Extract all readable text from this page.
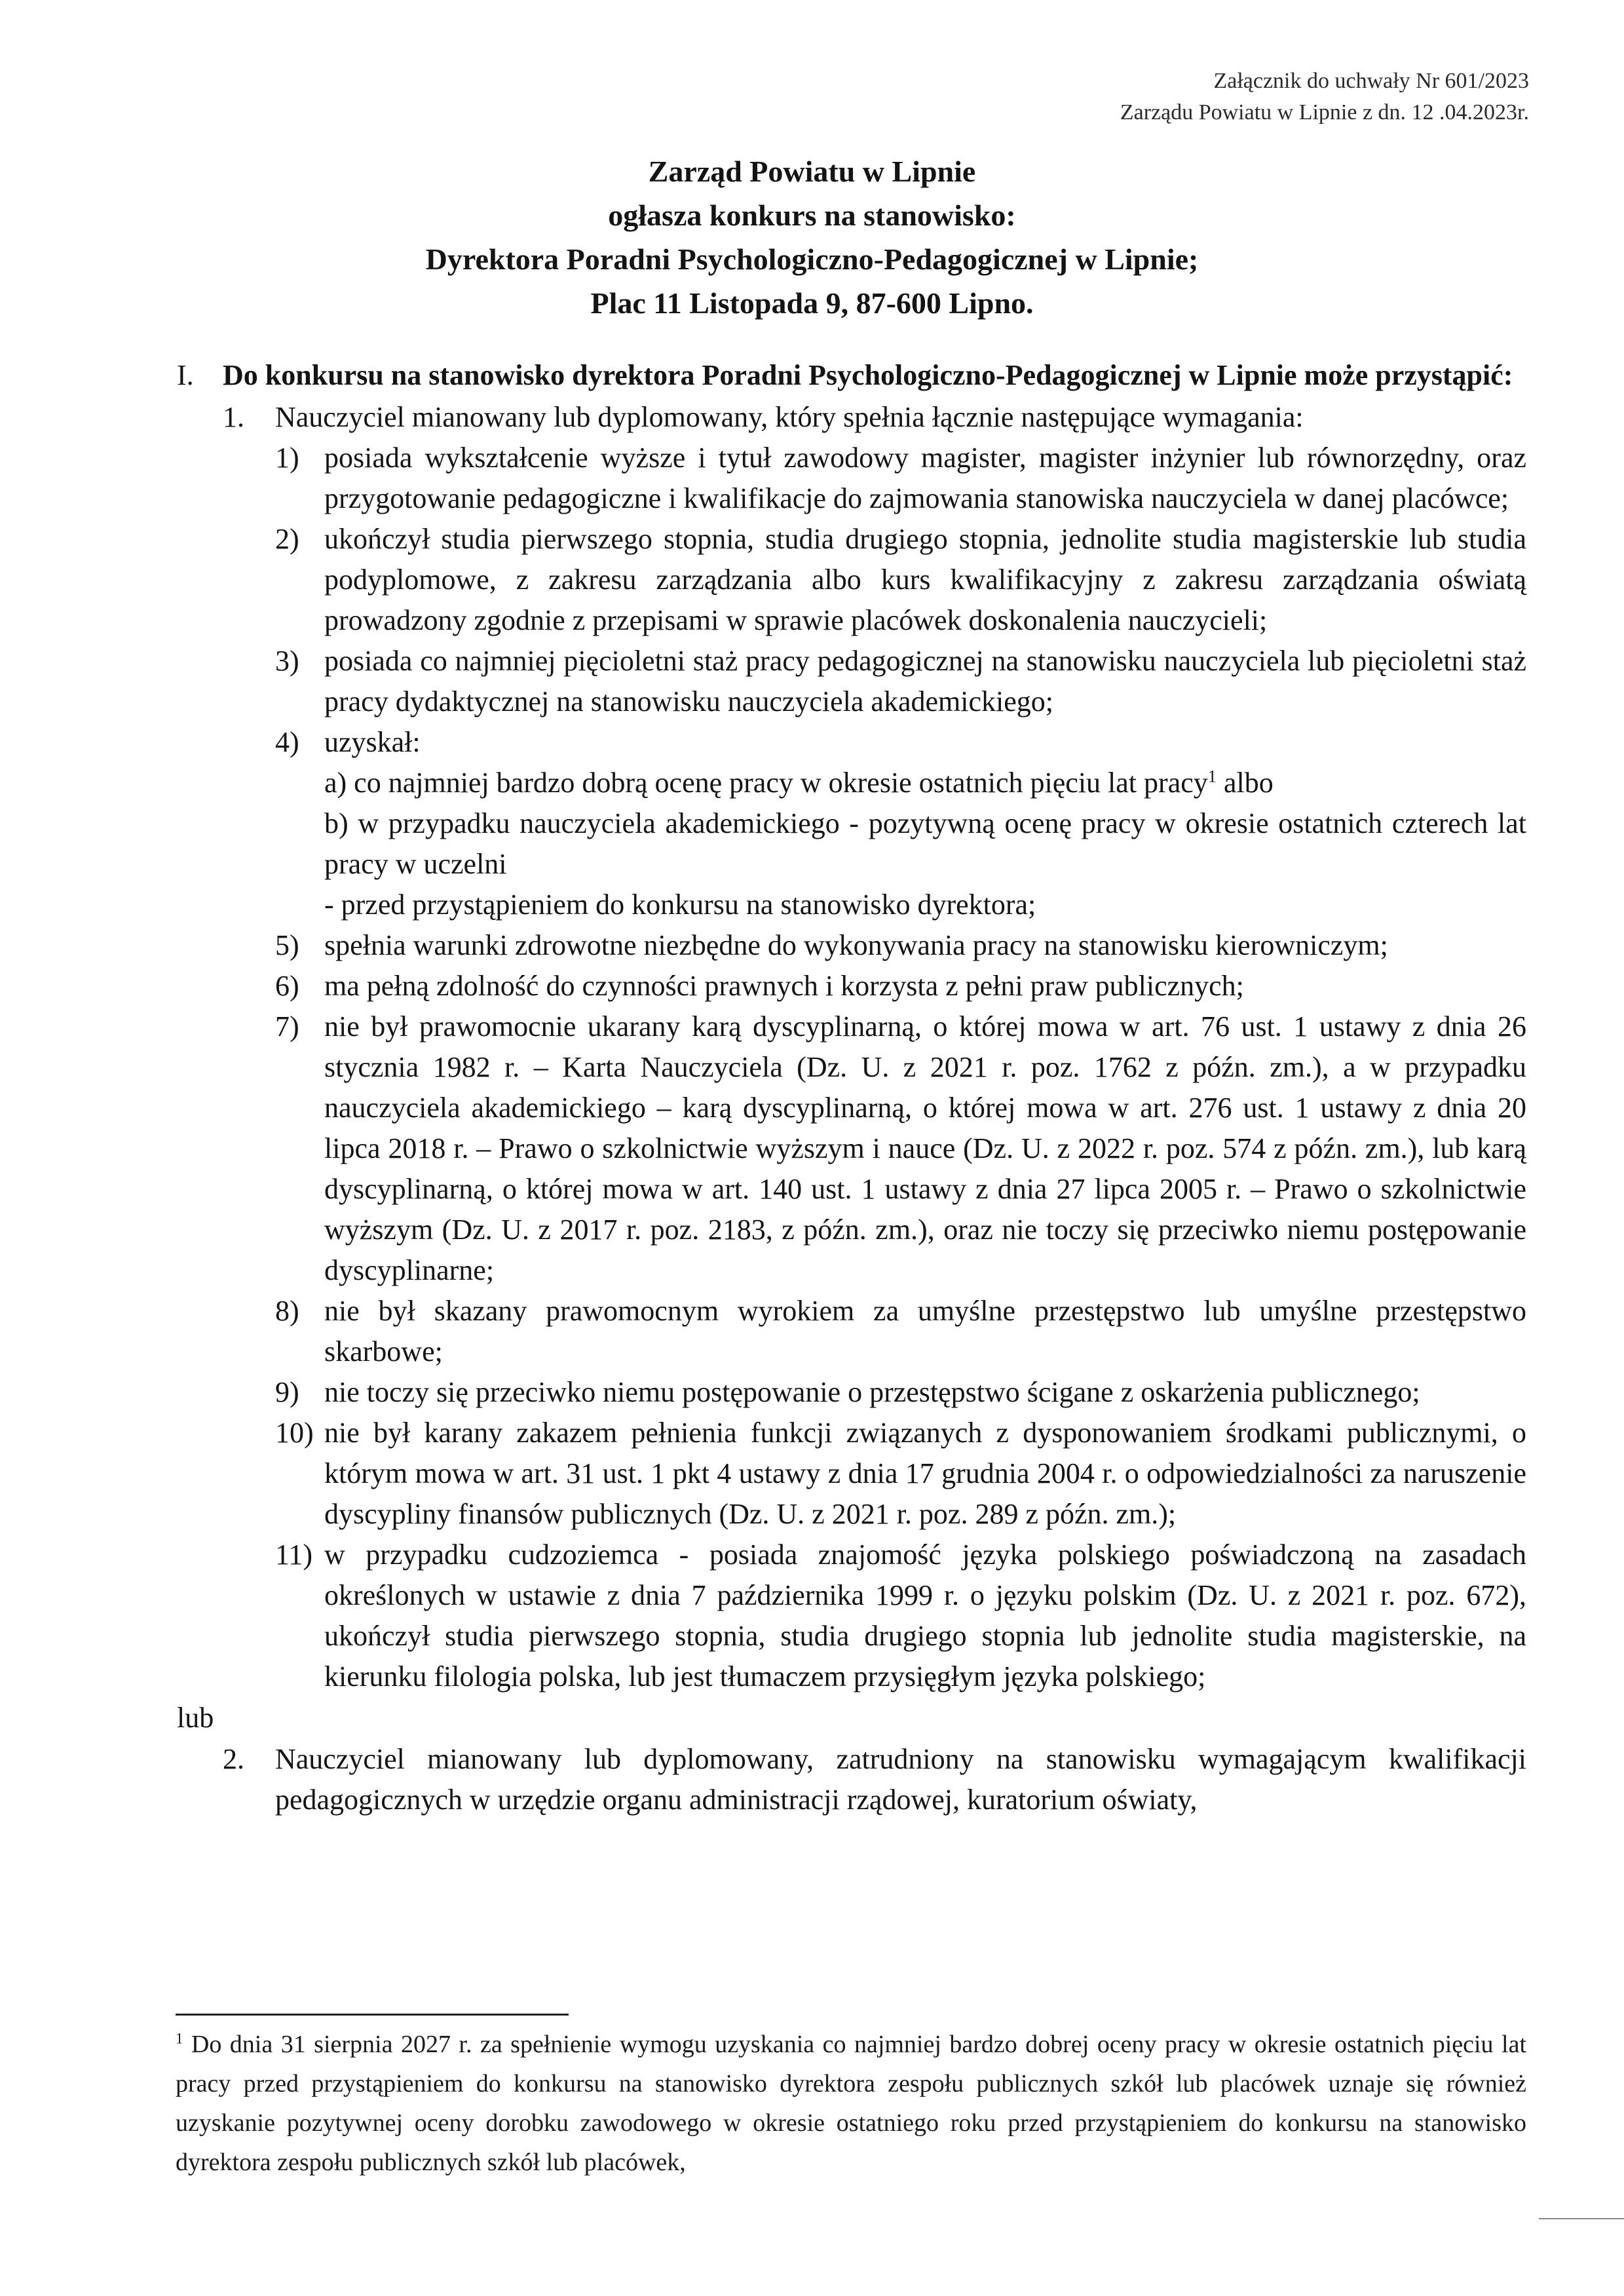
Załącznik do uchwały Nr 601/2023
Zarządu Powiatu w Lipnie z dn. 12 .04.2023r.
Zarząd Powiatu w Lipnie
ogłasza konkurs na stanowisko:
Dyrektora Poradni Psychologiczno-Pedagogicznej w Lipnie;
Plac 11 Listopada 9, 87-600 Lipno.
I.	Do konkursu na stanowisko dyrektora Poradni Psychologiczno-Pedagogicznej w Lipnie może przystąpić:
1.	Nauczyciel mianowany lub dyplomowany, który spełnia łącznie następujące wymagania:
1) posiada wykształcenie wyższe i tytuł zawodowy magister, magister inżynier lub równorzędny, oraz przygotowanie pedagogiczne i kwalifikacje do zajmowania stanowiska nauczyciela w danej placówce;
2) ukończył studia pierwszego stopnia, studia drugiego stopnia, jednolite studia magisterskie lub studia podyplomowe, z zakresu zarządzania albo kurs kwalifikacyjny z zakresu zarządzania oświatą prowadzony zgodnie z przepisami w sprawie placówek doskonalenia nauczycieli;
3) posiada co najmniej pięcioletni staż pracy pedagogicznej na stanowisku nauczyciela lub pięcioletni staż pracy dydaktycznej na stanowisku nauczyciela akademickiego;
4) uzyskał:
a) co najmniej bardzo dobrą ocenę pracy w okresie ostatnich pięciu lat pracy$^1$ albo
b) w przypadku nauczyciela akademickiego - pozytywną ocenę pracy w okresie ostatnich czterech lat pracy w uczelni
- przed przystąpieniem do konkursu na stanowisko dyrektora;
5) spełnia warunki zdrowotne niezbędne do wykonywania pracy na stanowisku kierowniczym;
6) ma pełną zdolność do czynności prawnych i korzysta z pełni praw publicznych;
7) nie był prawomocnie ukarany karą dyscyplinarną, o której mowa w art. 76 ust. 1 ustawy z dnia 26 stycznia 1982 r. – Karta Nauczyciela (Dz. U. z 2021 r. poz. 1762 z późn. zm.), a w przypadku nauczyciela akademickiego – karą dyscyplinarną, o której mowa w art. 276 ust. 1 ustawy z dnia 20 lipca 2018 r. – Prawo o szkolnictwie wyższym i nauce (Dz. U. z 2022 r. poz. 574 z późn. zm.), lub karą dyscyplinarną, o której mowa w art. 140 ust. 1 ustawy z dnia 27 lipca 2005 r. – Prawo o szkolnictwie wyższym (Dz. U. z 2017 r. poz. 2183, z późn. zm.), oraz nie toczy się przeciwko niemu postępowanie dyscyplinarne;
8) nie był skazany prawomocnym wyrokiem za umyślne przestępstwo lub umyślne przestępstwo skarbowe;
9) nie toczy się przeciwko niemu postępowanie o przestępstwo ścigane z oskarżenia publicznego;
10) nie był karany zakazem pełnienia funkcji związanych z dysponowaniem środkami publicznymi, o którym mowa w art. 31 ust. 1 pkt 4 ustawy z dnia 17 grudnia 2004 r. o odpowiedzialności za naruszenie dyscypliny finansów publicznych (Dz. U. z 2021 r. poz. 289 z późn. zm.);
11) w przypadku cudzoziemca - posiada znajomość języka polskiego poświadczoną na zasadach określonych w ustawie z dnia 7 października 1999 r. o języku polskim (Dz. U. z 2021 r. poz. 672), ukończył studia pierwszego stopnia, studia drugiego stopnia lub jednolite studia magisterskie, na kierunku filologia polska, lub jest tłumaczem przysięgłym języka polskiego;
lub
2.	Nauczyciel mianowany lub dyplomowany, zatrudniony na stanowisku wymagającym kwalifikacji pedagogicznych w urzędzie organu administracji rządowej, kuratorium oświaty,
$^1$ Do dnia 31 sierpnia 2027 r. za spełnienie wymogu uzyskania co najmniej bardzo dobrej oceny pracy w okresie ostatnich pięciu lat pracy przed przystąpieniem do konkursu na stanowisko dyrektora zespołu publicznych szkół lub placówek uznaje się również uzyskanie pozytywnej oceny dorobku zawodowego w okresie ostatniego roku przed przystąpieniem do konkursu na stanowisko dyrektora zespołu publicznych szkół lub placówek,
